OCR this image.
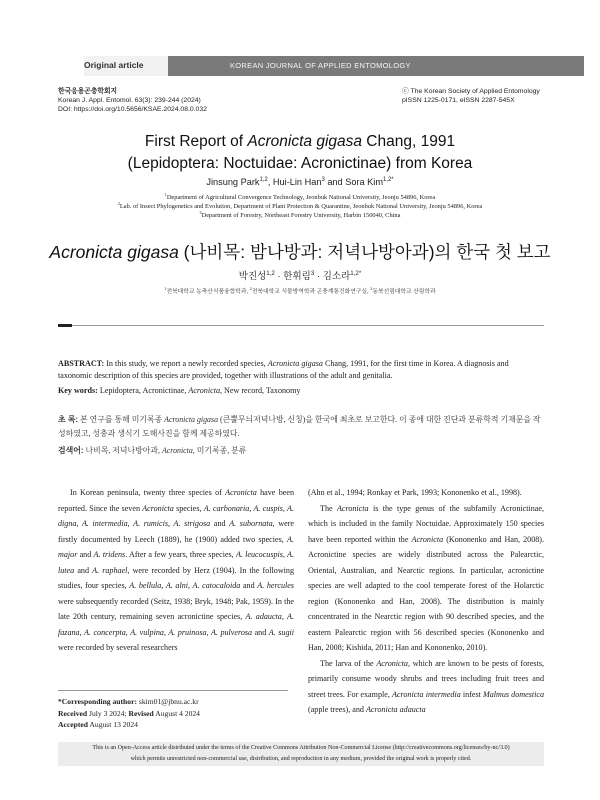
Original article	KOREAN JOURNAL OF APPLIED ENTOMOLOGY
한국응용곤충학회지
Korean J. Appl. Entomol. 63(3): 239-244 (2024)
DOI: https://doi.org/10.5656/KSAE.2024.08.0.032
ⓒ The Korean Society of Applied Entomology
pISSN 1225-0171, eISSN 2287-545X
First Report of Acronicta gigasa Chang, 1991
(Lepidoptera: Noctuidae: Acronictinae) from Korea
Jinsung Park$^{1,2}$, Hui-Lin Han$^3$ and Sora Kim$^{1,2*}$
$^1$Department of Agricultural Convergence Technology, Jeonbuk National University, Jeonju 54896, Korea
$^2$Lab. of Insect Phylogenetics and Evolution, Department of Plant Protection & Quarantine, Jeonbuk National University, Jeonju 54896, Korea
$^3$Department of Forestry, Northeast Forestry University, Harbin 150040, China
Acronicta gigasa (나비목: 밤나방과: 저녁나방아과)의 한국 첫 보고
박진성$^{1,2}$ · 한휘림$^3$ · 김소라$^{1,2*}$
$^1$전북대학교 농축산식품융합학과, $^2$전북대학교 식물방역학과 곤충계통진화연구실, $^3$동북선림대학교 산림학과
ABSTRACT: In this study, we report a newly recorded species, Acronicta gigasa Chang, 1991, for the first time in Korea. A diagnosis and taxonomic description of this species are provided, together with illustrations of the adult and genitalia.
Key words: Lepidoptera, Acronictinae, Acronicta, New record, Taxonomy
초 록: 본 연구를 통해 미기록종 Acronicta gigasa (큰뿔무늬저녁나방, 신칭)을 한국에 최초로 보고한다. 이 종에 대한 진단과 분류학적 기재문을 작성하였고, 성충과 생식기 도해사진을 함께 제공하였다.
검색어: 나비목, 저녁나방아과, Acronicta, 미기록종, 분류

In Korean peninsula, twenty three species of Acronicta have been reported. Since the seven Acronicta species, A. carbonaria, A. cuspis, A. digna, A. intermedia, A. rumicis, A. strigosa and A. subornata, were firstly documented by Leech (1889), he (1900) added two species, A. major and A. tridens. After a few years, three species, A. leucocuspis, A. lutea and A. raphael, were recorded by Herz (1904). In the following studies, four species, A. bellula, A. alni, A. catocaloida and A. hercules were subsequently recorded (Seitz, 1938; Bryk, 1948; Pak, 1959). In the late 20th century, remaining seven acronictine species, A. adaucta, A. fazana, A. concerpta, A. vulpina, A. pruinosa, A. pulverosa and A. sugii were recorded by several researchers

(Ahn et al., 1994; Ronkay et Park, 1993; Kononenko et al., 1998).

The Acronicta is the type genus of the subfamily Acronictinae, which is included in the family Noctuidae. Approximately 150 species have been reported within the Acronicta (Kononenko and Han, 2008). Acronictine species are widely distributed across the Palearctic, Oriental, Australian, and Nearctic regions. In particular, acronictine species are well adapted to the cool temperate forest of the Holarctic region (Kononenko and Han, 2008). The distribution is mainly concentrated in the Nearctic region with 90 described species, and the eastern Palearctic region with 56 described species (Kononenko and Han, 2008; Kishida, 2011; Han and Kononenko, 2010).

The larva of the Acronicta, which are known to be pests of forests, primarily consume woody shrubs and trees including fruit trees and street trees. For example, Acronicta intermedia infest Malmus domestica (apple trees), and Acronicta adaucta

*Corresponding author: skim01@jbnu.ac.kr
Received July 3 2024; Revised August 4 2024
Accepted August 13 2024
This is an Open-Access article distributed under the terms of the Creative Commons Attribution Non-Commercial License (http://creativecommons.org/licenses/by-nc/3.0)
which permits unrestricted non-commercial use, distribution, and reproduction in any medium, provided the original work is properly cited.
